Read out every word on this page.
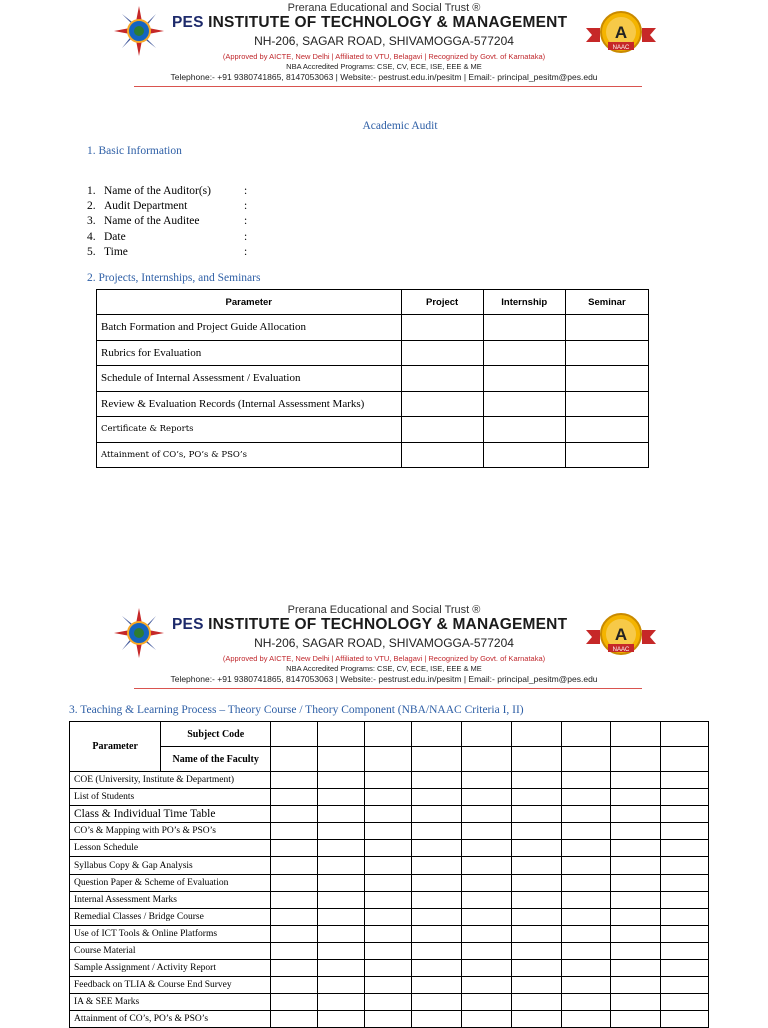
Prerana Educational and Social Trust ®
PES INSTITUTE OF TECHNOLOGY & MANAGEMENT
A
NAAC
NH-206, SAGAR ROAD, SHIVAMOGGA-577204
(Approved by AICTE, New Delhi | Affiliated to VTU, Belagavi | Recognized by Govt. of Karnataka)
NBA Accredited Programs: CSE, CV, ECE, ISE, EEE & ME
Telephone:- +91 9380741865, 8147053063 | Website:- pestrust.edu.in/pesitm | Email:- principal_pesitm@pes.edu
Academic Audit
1. Basic Information
1. Name of the Auditor(s)	:
2. Audit Department	:
3. Name of the Auditee	:
4. Date	:
5. Time	:
2. Projects, Internships, and Seminars
Parameter	Project	Internship	Seminar
Batch Formation and Project Guide Allocation			
Rubrics for Evaluation			
Schedule of Internal Assessment / Evaluation			
Review & Evaluation Records (Internal Assessment Marks)			
Certificate & Reports			
Attainment of CO’s, PO’s & PSO’s			
Prerana Educational and Social Trust ®
PES INSTITUTE OF TECHNOLOGY & MANAGEMENT
A
NAAC
NH-206, SAGAR ROAD, SHIVAMOGGA-577204
(Approved by AICTE, New Delhi | Affiliated to VTU, Belagavi | Recognized by Govt. of Karnataka)
NBA Accredited Programs: CSE, CV, ECE, ISE, EEE & ME
Telephone:- +91 9380741865, 8147053063 | Website:- pestrust.edu.in/pesitm | Email:- principal_pesitm@pes.edu
3. Teaching & Learning Process – Theory Course / Theory Component (NBA/NAAC Criteria I, II)
Parameter	Subject Code									
	Name of the Faculty									
COE (University, Institute & Department)										
List of Students										
Class & Individual Time Table										
CO’s & Mapping with PO’s & PSO’s										
Lesson Schedule										
Syllabus Copy & Gap Analysis										
Question Paper & Scheme of Evaluation										
Internal Assessment Marks										
Remedial Classes / Bridge Course										
Use of ICT Tools & Online Platforms										
Course Material										
Sample Assignment / Activity Report										
Feedback on TLIA & Course End Survey										
IA & SEE Marks										
Attainment of CO’s, PO’s & PSO’s										
